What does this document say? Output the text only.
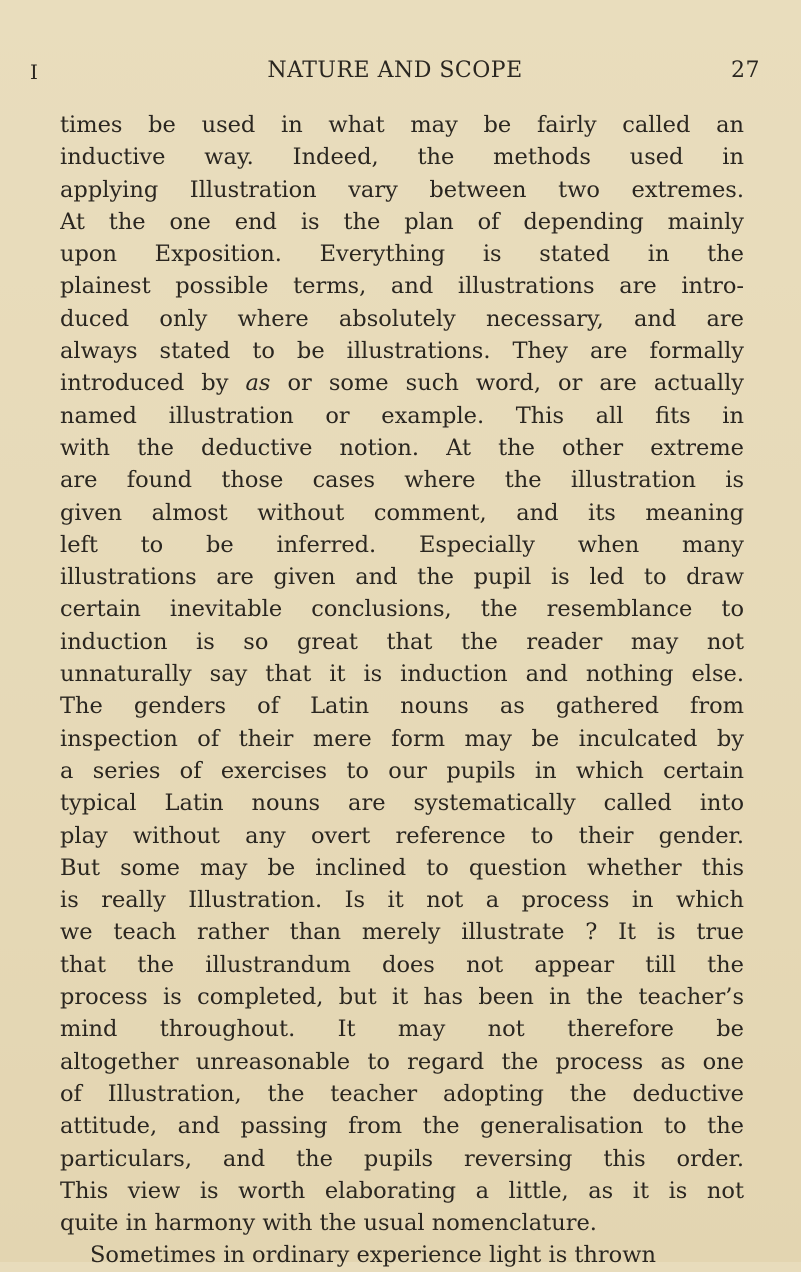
I	NATURE AND SCOPE	27
times be used in what may be fairly called an
inductive way. Indeed, the methods used in
applying Illustration vary between two extremes.
At the one end is the plan of depending mainly
upon Exposition. Everything is stated in the
plainest possible terms, and illustrations are intro-
duced only where absolutely necessary, and are
always stated to be illustrations. They are formally
introduced by as or some such word, or are actually
named illustration or example. This all fits in
with the deductive notion. At the other extreme
are found those cases where the illustration is
given almost without comment, and its meaning
left to be inferred. Especially when many
illustrations are given and the pupil is led to draw
certain inevitable conclusions, the resemblance to
induction is so great that the reader may not
unnaturally say that it is induction and nothing else.
The genders of Latin nouns as gathered from
inspection of their mere form may be inculcated by
a series of exercises to our pupils in which certain
typical Latin nouns are systematically called into
play without any overt reference to their gender.
But some may be inclined to question whether this
is really Illustration. Is it not a process in which
we teach rather than merely illustrate ? It is true
that the illustrandum does not appear till the
process is completed, but it has been in the teacher’s
mind throughout. It may not therefore be
altogether unreasonable to regard the process as one
of Illustration, the teacher adopting the deductive
attitude, and passing from the generalisation to the
particulars, and the pupils reversing this order.
This view is worth elaborating a little, as it is not
quite in harmony with the usual nomenclature.
Sometimes in ordinary experience light is thrown
